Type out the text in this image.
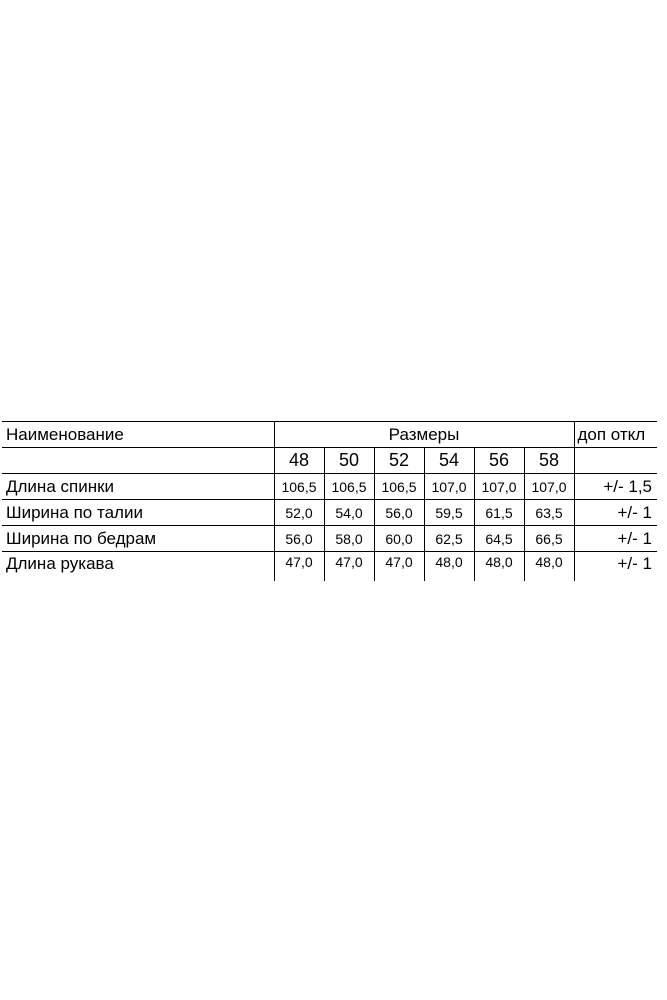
Наименование	Размеры						доп откл
	48	50	52	54	56	58	
Длина спинки	106,5	106,5	106,5	107,0	107,0	107,0	+/- 1,5
Ширина по талии	52,0	54,0	56,0	59,5	61,5	63,5	+/- 1
Ширина по бедрам	56,0	58,0	60,0	62,5	64,5	66,5	+/- 1
Длина рукава	47,0	47,0	47,0	48,0	48,0	48,0	+/- 1
